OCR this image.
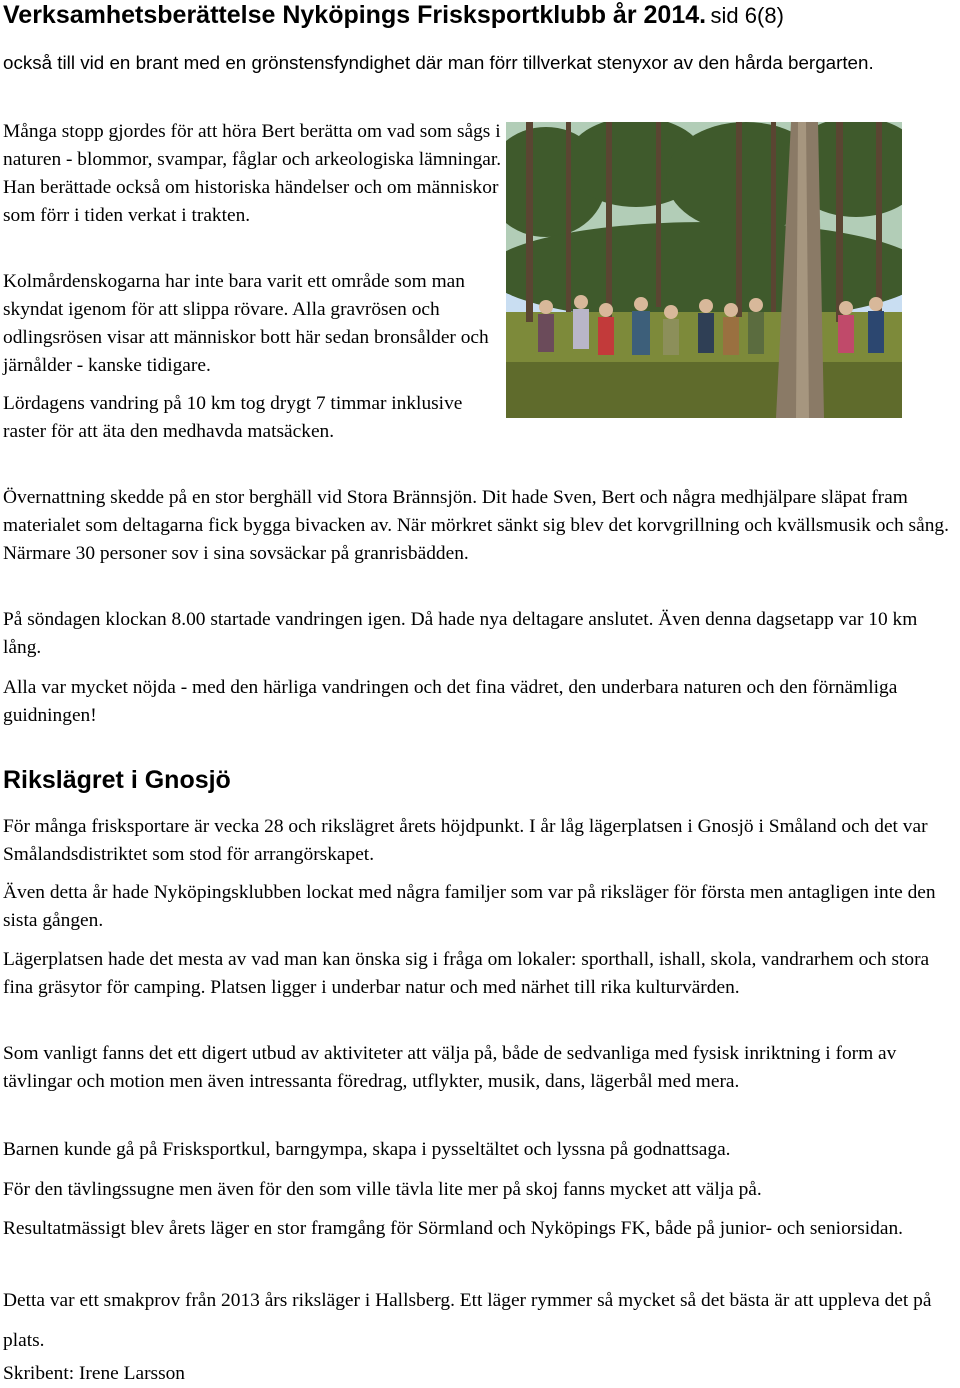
Verksamhetsberättelse Nyköpings Frisksportklubb år 2014. sid 6(8)

också till vid en brant med en grönstensfyndighet där man förr tillverkat stenyxor av den hårda bergarten.

Många stopp gjordes för att höra Bert berätta om vad som sågs i naturen - blommor, svampar, fåglar och arkeologiska lämningar. Han berättade också om historiska händelser och om människor som förr i tiden verkat i trakten.

Kolmårdenskogarna har inte bara varit ett område som man skyndat igenom för att slippa rövare. Alla gravrösen och odlingsrösen visar att människor bott här sedan bronsålder och järnålder - kanske tidigare.

Lördagens vandring på 10 km tog drygt 7 timmar inklusive raster för att äta den medhavda matsäcken.

Övernattning skedde på en stor berghäll vid Stora Brännsjön. Dit hade Sven, Bert och några medhjälpare släpat fram materialet som deltagarna fick bygga bivacken av. När mörkret sänkt sig blev det korvgrillning och kvällsmusik och sång. Närmare 30 personer sov i sina sovsäckar på granrisbädden.

På söndagen klockan 8.00 startade vandringen igen. Då hade nya deltagare anslutet. Även denna dagsetapp var 10 km lång.

Alla var mycket nöjda - med den härliga vandringen och det fina vädret, den underbara naturen och den förnämliga guidningen!

Rikslägret i Gnosjö

För många frisksportare är vecka 28 och rikslägret årets höjdpunkt. I år låg lägerplatsen i Gnosjö i Småland och det var Smålandsdistriktet som stod för arrangörskapet.

Även detta år hade Nyköpingsklubben lockat med några familjer som var på riksläger för första men antagligen inte den sista gången.

Lägerplatsen hade det mesta av vad man kan önska sig i fråga om lokaler: sporthall, ishall, skola, vandrarhem och stora fina gräsytor för camping. Platsen ligger i underbar natur och med närhet till rika kulturvärden.

Som vanligt fanns det ett digert utbud av aktiviteter att välja på, både de sedvanliga med fysisk inriktning i form av tävlingar och motion men även intressanta föredrag, utflykter, musik, dans, lägerbål med mera.

Barnen kunde gå på Frisksportkul, barngympa, skapa i pysseltältet och lyssna på godnattsaga.

För den tävlingssugne men även för den som ville tävla lite mer på skoj fanns mycket att välja på.

Resultatmässigt blev årets läger en stor framgång för Sörmland och Nyköpings FK, både på junior- och seniorsidan.

Detta var ett smakprov från 2013 års riksläger i Hallsberg. Ett läger rymmer så mycket så det bästa är att uppleva det på plats.

Skribent: Irene Larsson
